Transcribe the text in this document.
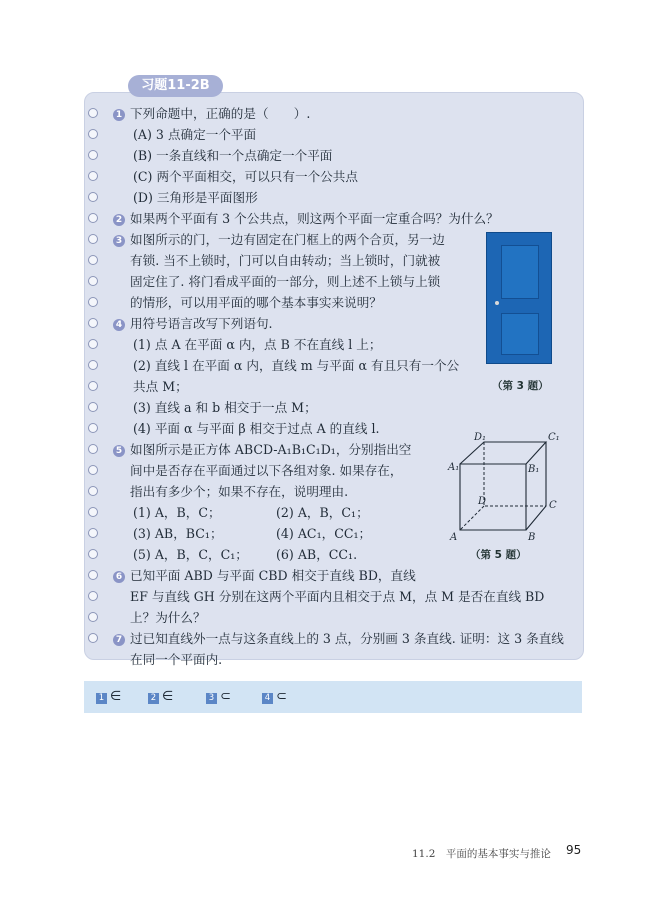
习题11-2B
1 下列命题中，正确的是（　　）.
(A) 3 点确定一个平面
(B) 一条直线和一个点确定一个平面
(C) 两个平面相交，可以只有一个公共点
(D) 三角形是平面图形
2 如果两个平面有 3 个公共点，则这两个平面一定重合吗？为什么？
3 如图所示的门，一边有固定在门框上的两个合页，另一边
有锁. 当不上锁时，门可以自由转动；当上锁时，门就被
固定住了. 将门看成平面的一部分，则上述不上锁与上锁
的情形，可以用平面的哪个基本事实来说明？
（第 3 题）
4 用符号语言改写下列语句.
(1) 点 A 在平面 α 内，点 B 不在直线 l 上；
(2) 直线 l 在平面 α 内，直线 m 与平面 α 有且只有一个公
共点 M；
(3) 直线 a 和 b 相交于一点 M；
(4) 平面 α 与平面 β 相交于过点 A 的直线 l.
5 如图所示是正方体 ABCD-A₁B₁C₁D₁，分别指出空
间中是否存在平面通过以下各组对象. 如果存在，
指出有多少个；如果不存在，说明理由.
(1) A，B，C；	(2) A，B，C₁；
(3) AB，BC₁；	(4) AC₁，CC₁；
(5) A，B，C，C₁； (6) AB，CC₁.
D₁	C₁
A₁	B₁
D	C
A	B
（第 5 题）
6 已知平面 ABD 与平面 CBD 相交于直线 BD，直线
EF 与直线 GH 分别在这两个平面内且相交于点 M，点 M 是否在直线 BD
上？为什么？
7 过已知直线外一点与这条直线上的 3 点，分别画 3 条直线. 证明：这 3 条直线
在同一个平面内.
1 ∈	2 ∈	3 ⊂	4 ⊂
11.2　平面的基本事实与推论 95
